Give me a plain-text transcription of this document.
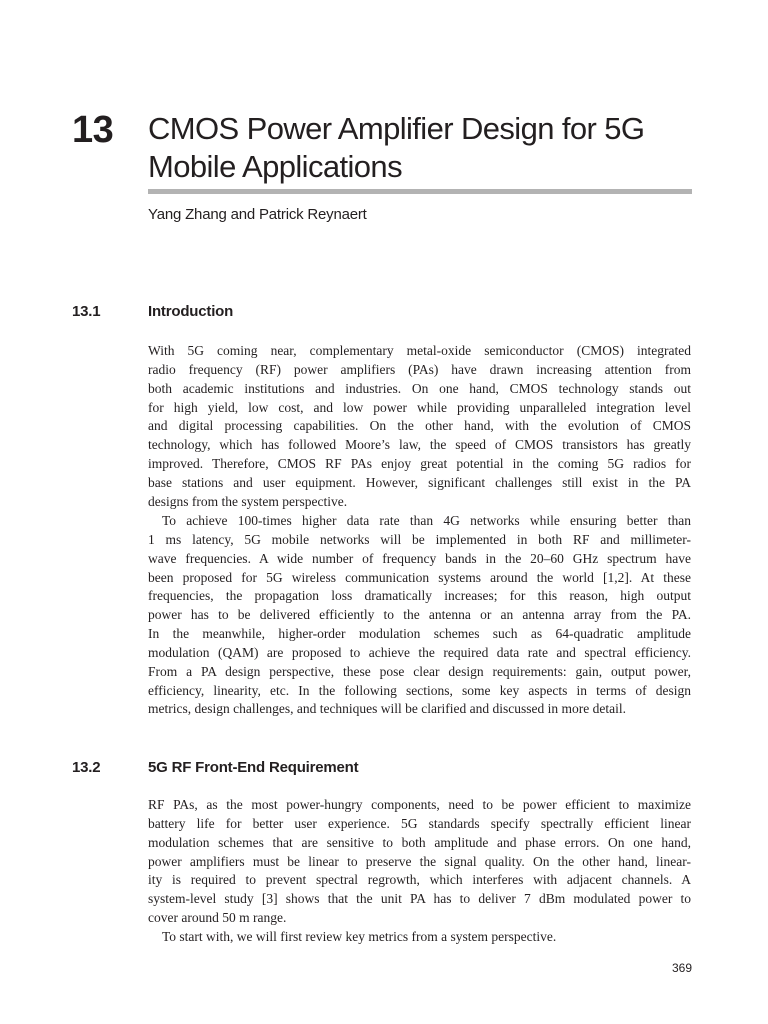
13 CMOS Power Amplifier Design for 5G
Mobile Applications
Yang Zhang and Patrick Reynaert
13.1	Introduction
With 5G coming near, complementary metal-oxide semiconductor (CMOS) integrated
radio frequency (RF) power amplifiers (PAs) have drawn increasing attention from
both academic institutions and industries. On one hand, CMOS technology stands out
for high yield, low cost, and low power while providing unparalleled integration level
and digital processing capabilities. On the other hand, with the evolution of CMOS
technology, which has followed Moore’s law, the speed of CMOS transistors has greatly
improved. Therefore, CMOS RF PAs enjoy great potential in the coming 5G radios for
base stations and user equipment. However, significant challenges still exist in the PA
designs from the system perspective.
To achieve 100-times higher data rate than 4G networks while ensuring better than
1 ms latency, 5G mobile networks will be implemented in both RF and millimeter-
wave frequencies. A wide number of frequency bands in the 20–60 GHz spectrum have
been proposed for 5G wireless communication systems around the world [1,2]. At these
frequencies, the propagation loss dramatically increases; for this reason, high output
power has to be delivered efficiently to the antenna or an antenna array from the PA.
In the meanwhile, higher-order modulation schemes such as 64-quadratic amplitude
modulation (QAM) are proposed to achieve the required data rate and spectral efficiency.
From a PA design perspective, these pose clear design requirements: gain, output power,
efficiency, linearity, etc. In the following sections, some key aspects in terms of design
metrics, design challenges, and techniques will be clarified and discussed in more detail.
13.2	5G RF Front-End Requirement
RF PAs, as the most power-hungry components, need to be power efficient to maximize
battery life for better user experience. 5G standards specify spectrally efficient linear
modulation schemes that are sensitive to both amplitude and phase errors. On one hand,
power amplifiers must be linear to preserve the signal quality. On the other hand, linear-
ity is required to prevent spectral regrowth, which interferes with adjacent channels. A
system-level study [3] shows that the unit PA has to deliver 7 dBm modulated power to
cover around 50 m range.
To start with, we will first review key metrics from a system perspective.
369
